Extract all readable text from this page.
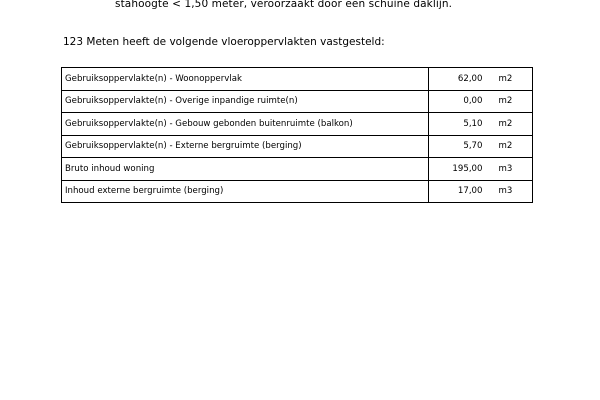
stahoogte < 1,50 meter, veroorzaakt door een schuine daklijn.
123 Meten heeft de volgende vloeroppervlakten vastgesteld:
Gebruiksoppervlakte(n) - Woonoppervlak	62,00	m2
Gebruiksoppervlakte(n) - Overige inpandige ruimte(n)	0,00	m2
Gebruiksoppervlakte(n) - Gebouw gebonden buitenruimte (balkon)	5,10	m2
Gebruiksoppervlakte(n) - Externe bergruimte (berging)	5,70	m2
Bruto inhoud woning	195,00	m3
Inhoud externe bergruimte (berging)	17,00	m3
